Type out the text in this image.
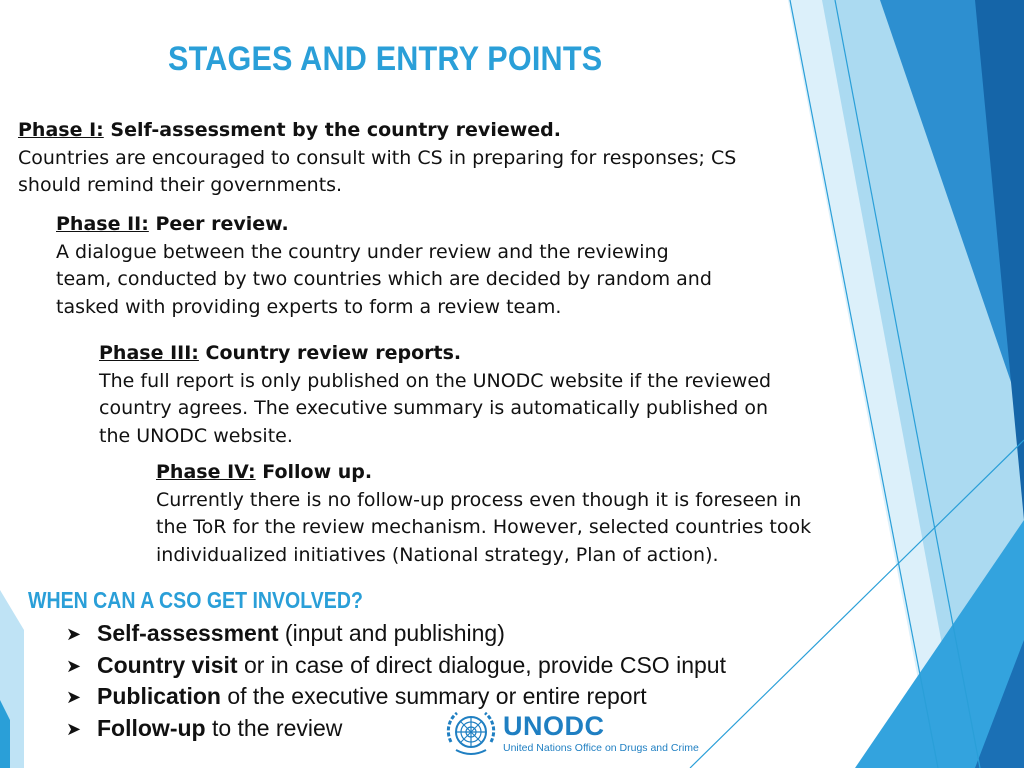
STAGES AND ENTRY POINTS

Phase I: Self-assessment by the country reviewed.

Countries are encouraged to consult with CS in preparing for responses; CS

should remind their governments.

Phase II: Peer review.

A dialogue between the country under review and the reviewing

team, conducted by two countries which are decided by random and

tasked with providing experts to form a review team.

Phase III: Country review reports.

The full report is only published on the UNODC website if the reviewed

country agrees. The executive summary is automatically published on

the UNODC website.

Phase IV: Follow up.

Currently there is no follow-up process even though it is foreseen in

the ToR for the review mechanism. However, selected countries took

individualized initiatives (National strategy, Plan of action).

WHEN CAN A CSO GET INVOLVED?
➤ Self-assessment (input and publishing)
➤ Country visit or in case of direct dialogue, provide CSO input
➤ Publication of the executive summary or entire report
➤ Follow-up to the review	UNODC
United Nations Office on Drugs and Crime
